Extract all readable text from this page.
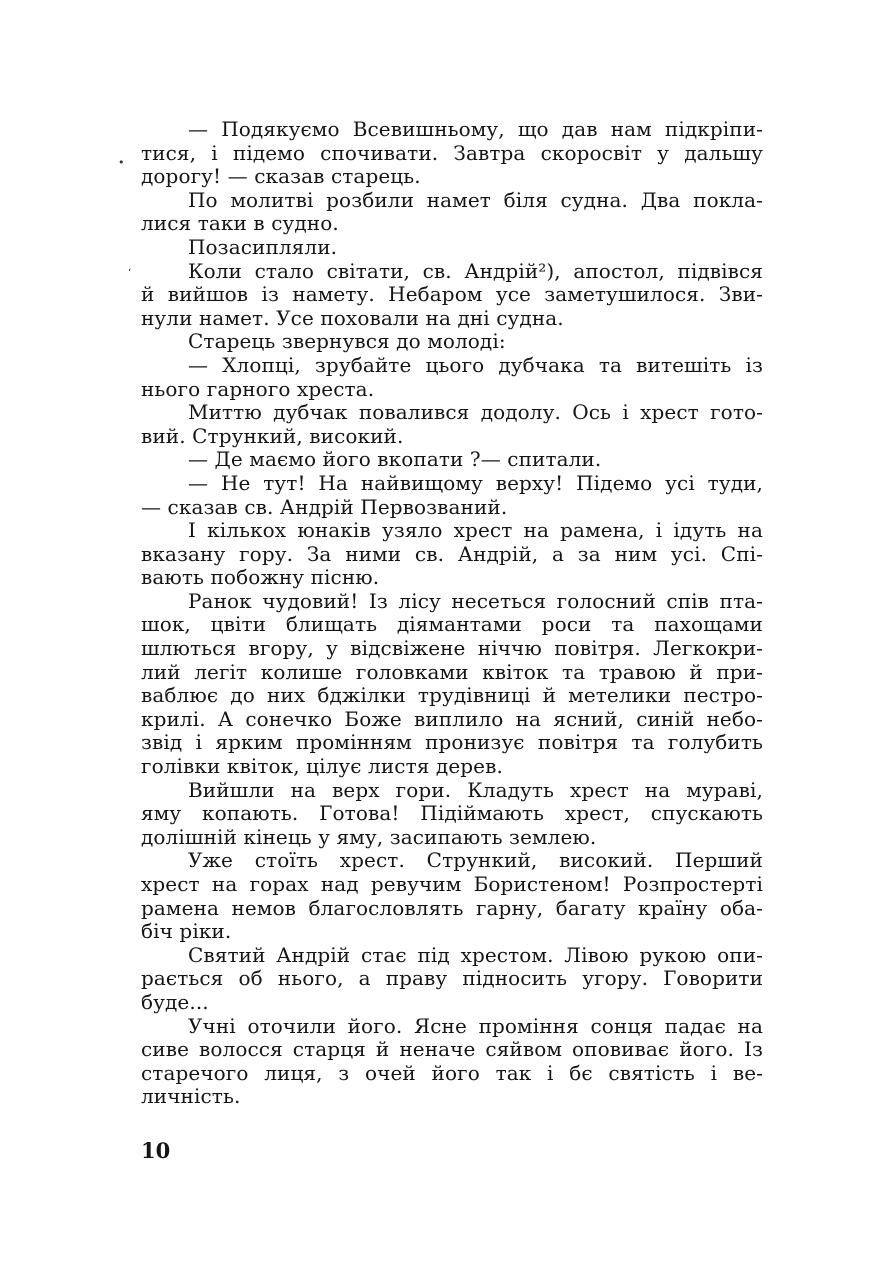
— Подякуємо Всевишньому, що дав нам підкріпи-
тися, і підемо спочивати. Завтра скоросвіт у дальшу
дорогу! — сказав старець.
По молитві розбили намет біля судна. Два покла-
лися таки в судно.
Позасипляли.
Коли стало світати, св. Андрій²), апостол, підвівся
й вийшов із намету. Небаром усе заметушилося. Зви-
нули намет. Усе поховали на дні судна.
Старець звернувся до молоді:
— Хлопці, зрубайте цього дубчака та витешіть із
нього гарного хреста.
Миттю дубчак повалився додолу. Ось і хрест гото-
вий. Стрункий, високий.
— Де маємо його вкопати ?— спитали.
— Не тут! На найвищому верху! Підемо усі туди,
— сказав св. Андрій Первозваний.
І кількох юнаків узяло хрест на рамена, і ідуть на
вказану гору. За ними св. Андрій, а за ним усі. Спі-
вають побожну пісню.
Ранок чудовий! Із лісу несеться голосний спів пта-
шок, цвіти блищать діямантами роси та пахощами
шлються вгору, у відсвіжене ніччю повітря. Легкокри-
лий легіт колише головками квіток та травою й при-
ваблює до них бджілки трудівниці й метелики пестро-
крилі. А сонечко Боже виплило на ясний, синій небо-
звід і ярким промінням пронизує повітря та голубить
голівки квіток, цілує листя дерев.
Вийшли на верх гори. Кладуть хрест на мураві,
яму копають. Готова! Підіймають хрест, спускають
долішній кінець у яму, засипають землею.
Уже стоїть хрест. Стрункий, високий. Перший
хрест на горах над ревучим Бористеном! Розпростерті
рамена немов благословлять гарну, багату країну оба-
біч ріки.
Святий Андрій стає під хрестом. Лівою рукою опи-
рається об нього, а праву підносить угору. Говорити
буде...
Учні оточили його. Ясне проміння сонця падає на
сиве волосся старця й неначе сяйвом оповиває його. Із
старечого лиця, з очей його так і бє святість і ве-
личність.
10
•
ʻ
